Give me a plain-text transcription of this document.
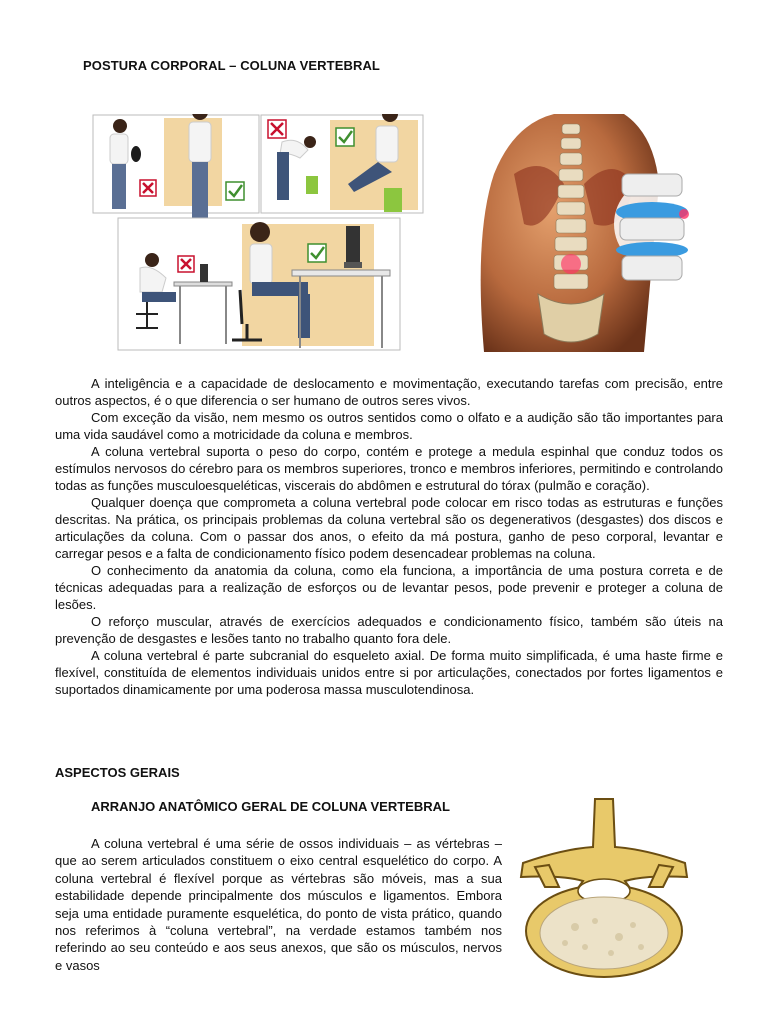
POSTURA CORPORAL – COLUNA VERTEBRAL

A inteligência e a capacidade de deslocamento e movimentação, executando tarefas com precisão, entre outros aspectos, é o que diferencia o ser humano de outros seres vivos.

Com exceção da visão, nem mesmo os outros sentidos como o olfato e a audição são tão importantes para uma vida saudável como a motricidade da coluna e membros.

A coluna vertebral suporta o peso do corpo, contém e protege a medula espinhal que conduz todos os estímulos nervosos do cérebro para os membros superiores, tronco e membros inferiores, permitindo e controlando todas as funções musculoesqueléticas, viscerais do abdômen e estrutural do tórax (pulmão e coração).

Qualquer doença que comprometa a coluna vertebral pode colocar em risco todas as estruturas e funções descritas. Na prática, os principais problemas da coluna vertebral são os degenerativos (desgastes) dos discos e articulações da coluna. Com o passar dos anos, o efeito da má postura, ganho de peso corporal, levantar e carregar pesos e a falta de condicionamento físico podem desencadear problemas na coluna.

O conhecimento da anatomia da coluna, como ela funciona, a importância de uma postura correta e de técnicas adequadas para a realização de esforços ou de levantar pesos, pode prevenir e proteger a coluna de lesões.

O reforço muscular, através de exercícios adequados e condicionamento físico, também são úteis na prevenção de desgastes e lesões tanto no trabalho quanto fora dele.

A coluna vertebral é parte subcranial do esqueleto axial. De forma muito simplificada, é uma haste firme e flexível, constituída de elementos individuais unidos entre si por articulações, conectados por fortes ligamentos e suportados dinamicamente por uma poderosa massa musculotendinosa.

ASPECTOS GERAIS
ARRANJO ANATÔMICO GERAL DE COLUNA VERTEBRAL

A coluna vertebral é uma série de ossos individuais – as vértebras – que ao serem articulados constituem o eixo central esquelético do corpo. A coluna vertebral é flexível porque as vértebras são móveis, mas a sua estabilidade depende principalmente dos músculos e ligamentos. Embora seja uma entidade puramente esquelética, do ponto de vista prático, quando nos referimos à “coluna vertebral”, na verdade estamos também nos referindo ao seu conteúdo e aos seus anexos, que são os músculos, nervos e vasos
